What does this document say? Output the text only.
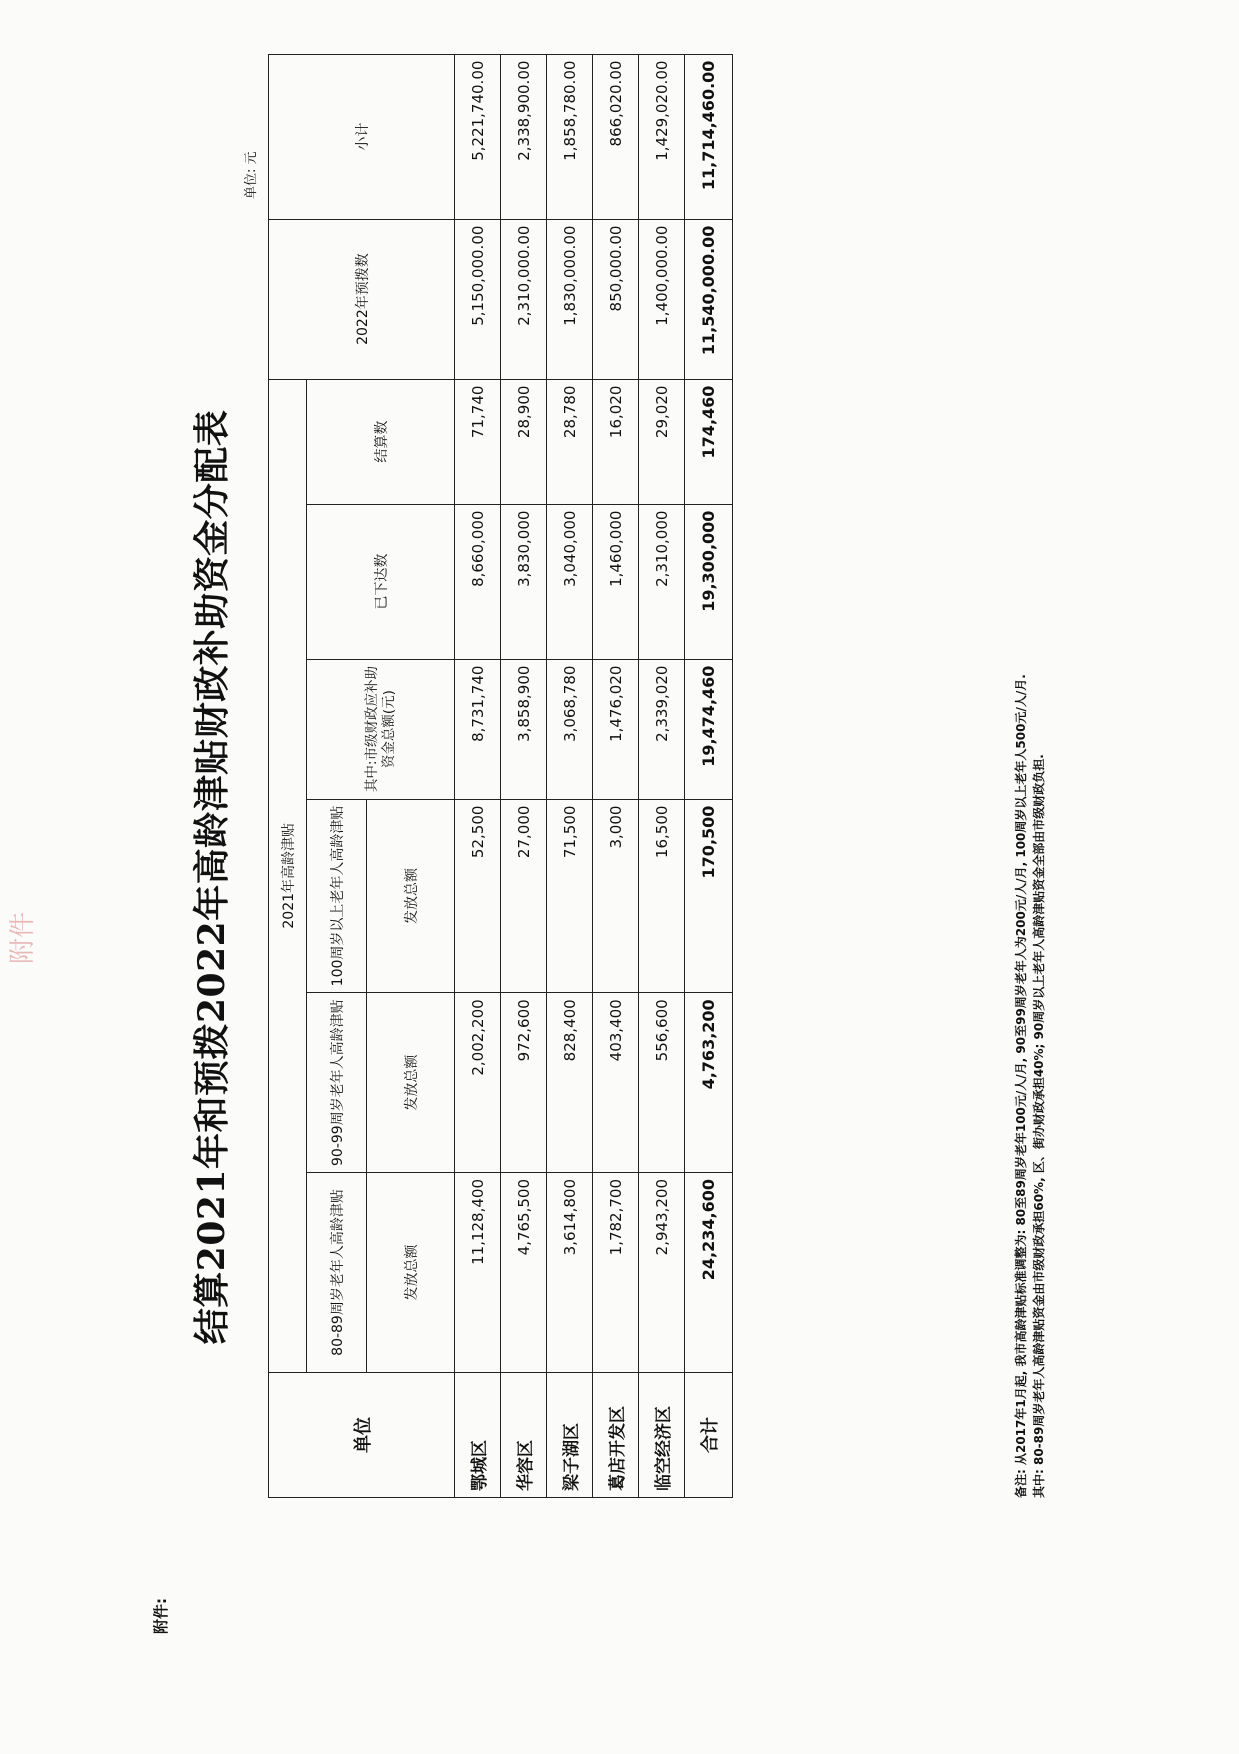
附件
附件:
结算2021年和预拨2022年高龄津贴财政补助资金分配表
单位: 元
单位	2021年高龄津贴						2022年预拨数	小计
	80-89周岁老年人高龄津贴	90-99周岁老年人高龄津贴	100周岁以上老年人高龄津贴	其中:市级财政应补助资金总额(元)	已下达数	结算数		
	发放总额	发放总额	发放总额					
鄂城区	11,128,400	2,002,200	52,500	8,731,740	8,660,000	71,740	5,150,000.00	5,221,740.00
华容区	4,765,500	972,600	27,000	3,858,900	3,830,000	28,900	2,310,000.00	2,338,900.00
梁子湖区	3,614,800	828,400	71,500	3,068,780	3,040,000	28,780	1,830,000.00	1,858,780.00
葛店开发区	1,782,700	403,400	3,000	1,476,020	1,460,000	16,020	850,000.00	866,020.00
临空经济区	2,943,200	556,600	16,500	2,339,020	2,310,000	29,020	1,400,000.00	1,429,020.00
合计	24,234,600	4,763,200	170,500	19,474,460	19,300,000	174,460	11,540,000.00	11,714,460.00
备注: 从2017年1月起, 我市高龄津贴标准调整为: 80至89周岁老年100元/人/月, 90至99周岁老年人为200元/人/月, 100周岁以上老年人500元/人/月. 其中: 80-89周岁老年人高龄津贴资金由市级财政承担60%, 区、街办财政承担40%; 90周岁以上老年人高龄津贴资金全部由市级财政负担.
